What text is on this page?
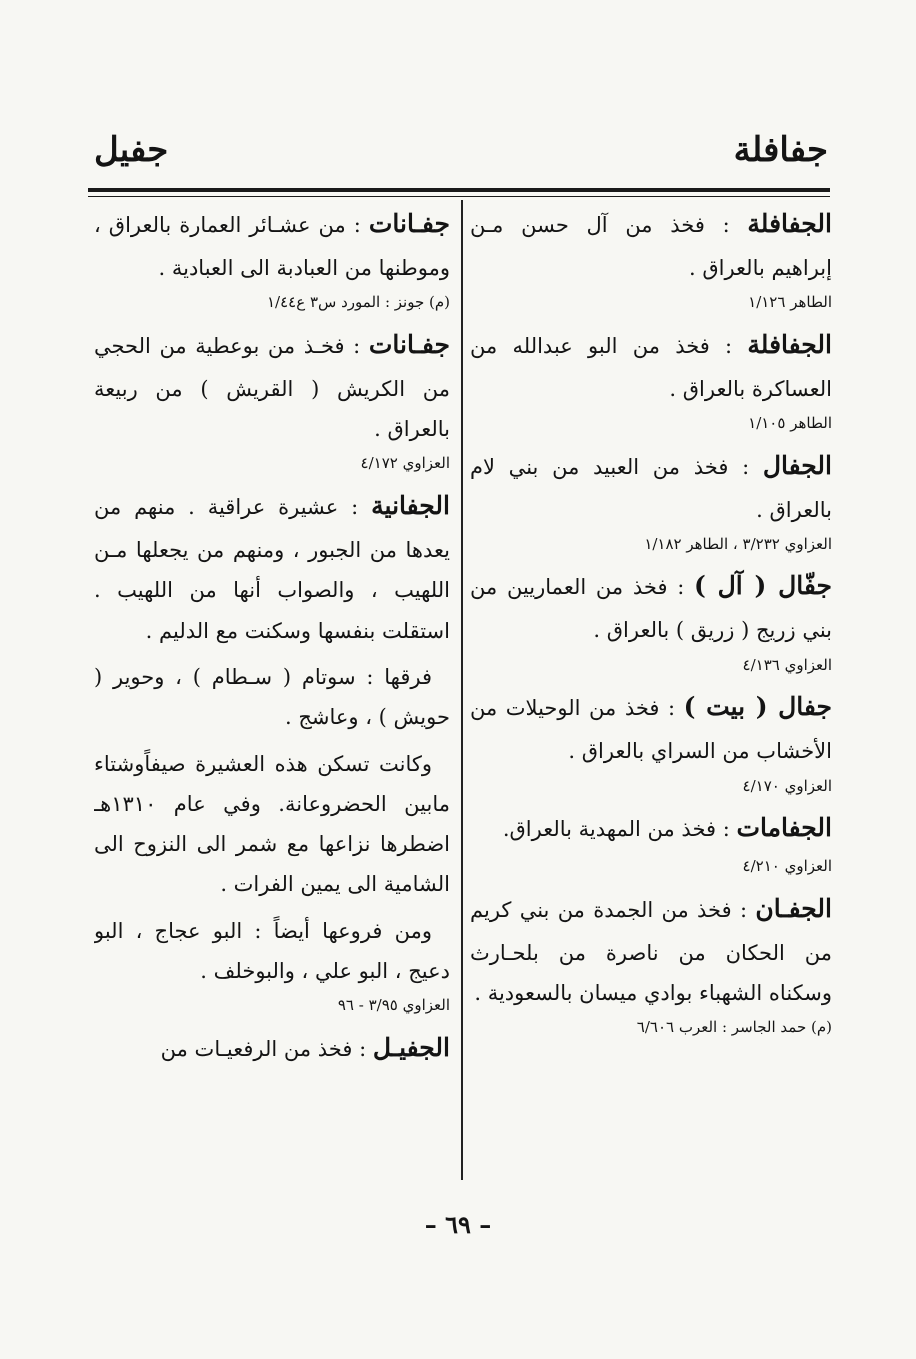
جفافلة
جفيل

الجفافلة : فخذ من آل حسن مـن إبراهيم بالعراق .

الطاهر ١/١٢٦

الجفافلة : فخذ من البو عبدالله من العساكرة بالعراق .

الطاهر ١/١٠٥

الجفال : فخذ من العبيد من بني لام بالعراق .

العزاوي ٣/٢٣٢ ، الطاهر ١/١٨٢

جفّال ( آل ) : فخذ من العماريين من بني زريج ( زريق ) بالعراق .

العزاوي ٤/١٣٦

جفال ( بيت ) : فخذ من الوحيلات من الأخشاب من السراي بالعراق .

العزاوي ٤/١٧٠

الجفامات : فخذ من المهدية بالعراق.

العزاوي ٤/٢١٠

الجفـان : فخذ من الجمدة من بني كريم من الحكان من ناصرة من بلحـارث وسكناه الشهباء بوادي ميسان بالسعودية .

(م) حمد الجاسر : العرب ٦/٦٠٦

جفـانات : من عشـائر العمارة بالعراق ، وموطنها من العبادبة الى العبادية .

(م) جونز : المورد س٣ ع١/٤٤

جفـانات : فخـذ من بوعطية من الحجي من الكريش ( القريش ) من ربيعة بالعراق .

العزاوي ٤/١٧٢

الجفانية : عشيرة عراقية . منهم من يعدها من الجبور ، ومنهم من يجعلها مـن اللهيب ، والصواب أنها من اللهيب . استقلت بنفسها وسكنت مع الدليم .

فرقها : سوتام ( سـطام ) ، وحوير ( حويش ) ، وعاشج .

وكانت تسكن هذه العشيرة صيفاًوشتاء مابين الحضروعانة. وفي عام ١٣١٠هـ اضطرها نزاعها مع شمر الى النزوح الى الشامية الى يمين الفرات .

ومن فروعها أيضاً : البو عجاج ، البو دعيج ، البو علي ، والبوخلف .

العزاوي ٣/٩٥ - ٩٦

الجفيـل : فخذ من الرفعيـات من

– ٦٩ –
